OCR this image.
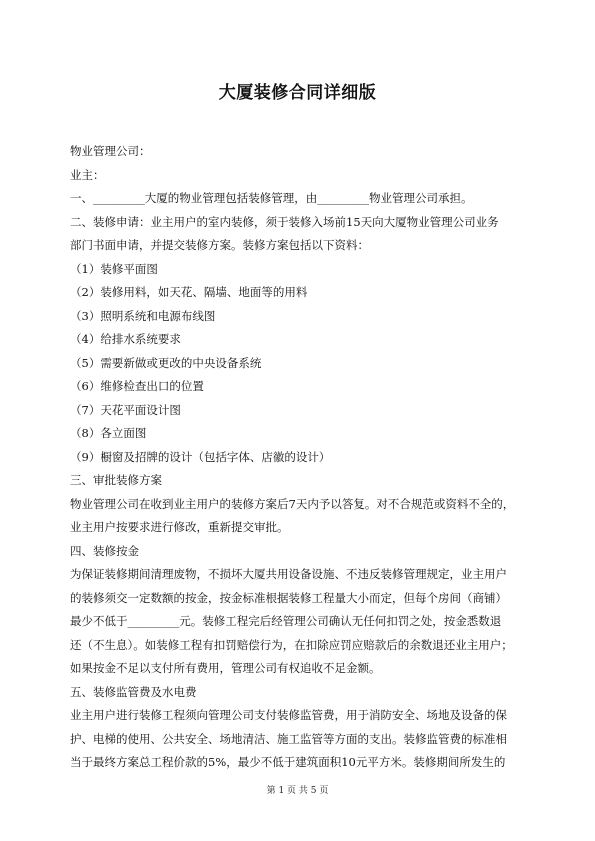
大厦装修合同详细版
物业管理公司：
业主：
一、_________大厦的物业管理包括装修管理，由_________物业管理公司承担。
二、装修申请：业主用户的室内装修，须于装修入场前15天向大厦物业管理公司业务
部门书面申请，并提交装修方案。装修方案包括以下资料：
（1）装修平面图
（2）装修用料，如天花、隔墙、地面等的用料
（3）照明系统和电源布线图
（4）给排水系统要求
（5）需要新做或更改的中央设备系统
（6）维修检查出口的位置
（7）天花平面设计图
（8）各立面图
（9）橱窗及招牌的设计（包括字体、店徽的设计）
三、审批装修方案
物业管理公司在收到业主用户的装修方案后7天内予以答复。对不合规范或资料不全的，
业主用户按要求进行修改，重新提交审批。
四、装修按金
为保证装修期间清理废物，不损坏大厦共用设备设施、不违反装修管理规定，业主用户
的装修须交一定数额的按金，按金标准根据装修工程量大小而定，但每个房间（商铺）
最少不低于_________元。装修工程完后经管理公司确认无任何扣罚之处，按金悉数退
还（不生息）。如装修工程有扣罚赔偿行为，在扣除应罚应赔款后的余数退还业主用户；
如果按金不足以支付所有费用，管理公司有权追收不足金额。
五、装修监管费及水电费
业主用户进行装修工程须向管理公司支付装修监管费，用于消防安全、场地及设备的保
护、电梯的使用、公共安全、场地清洁、施工监管等方面的支出。装修监管费的标准相
当于最终方案总工程价款的5%，最少不低于建筑面积10元平方米。装修期间所发生的
第 1 页 共 5 页
